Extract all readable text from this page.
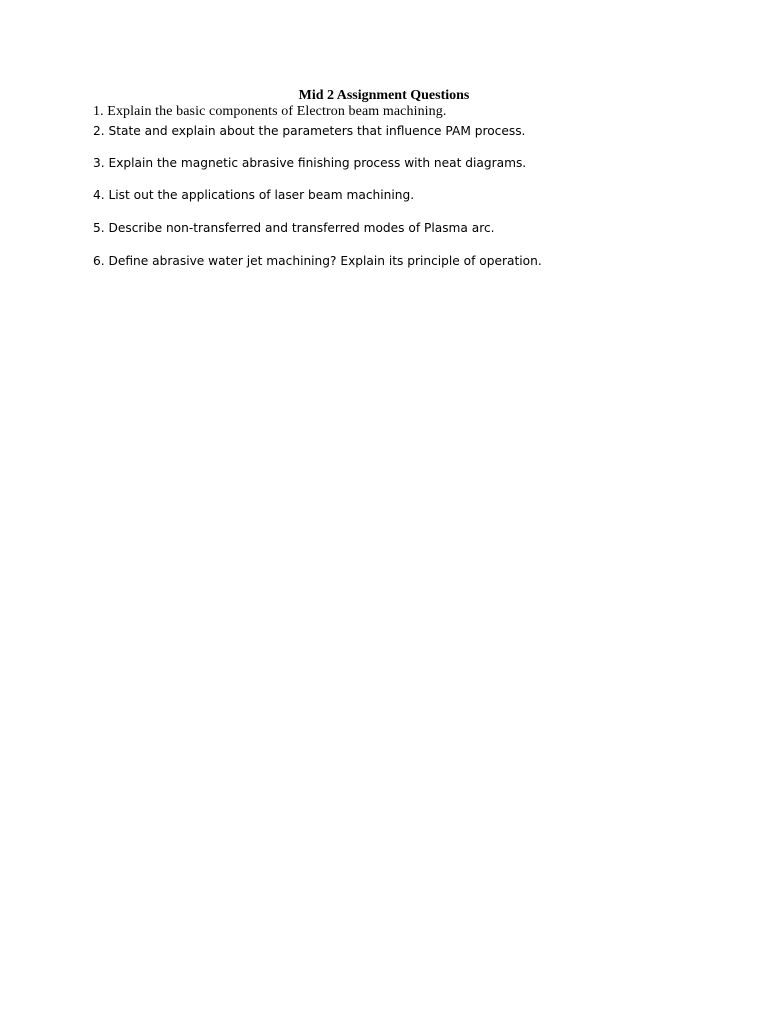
Mid 2 Assignment Questions
1. Explain the basic components of Electron beam machining.
2. State and explain about the parameters that influence PAM process.
3. Explain the magnetic abrasive finishing process with neat diagrams.
4. List out the applications of laser beam machining.
5. Describe non-transferred and transferred modes of Plasma arc.
6. Define abrasive water jet machining? Explain its principle of operation.
